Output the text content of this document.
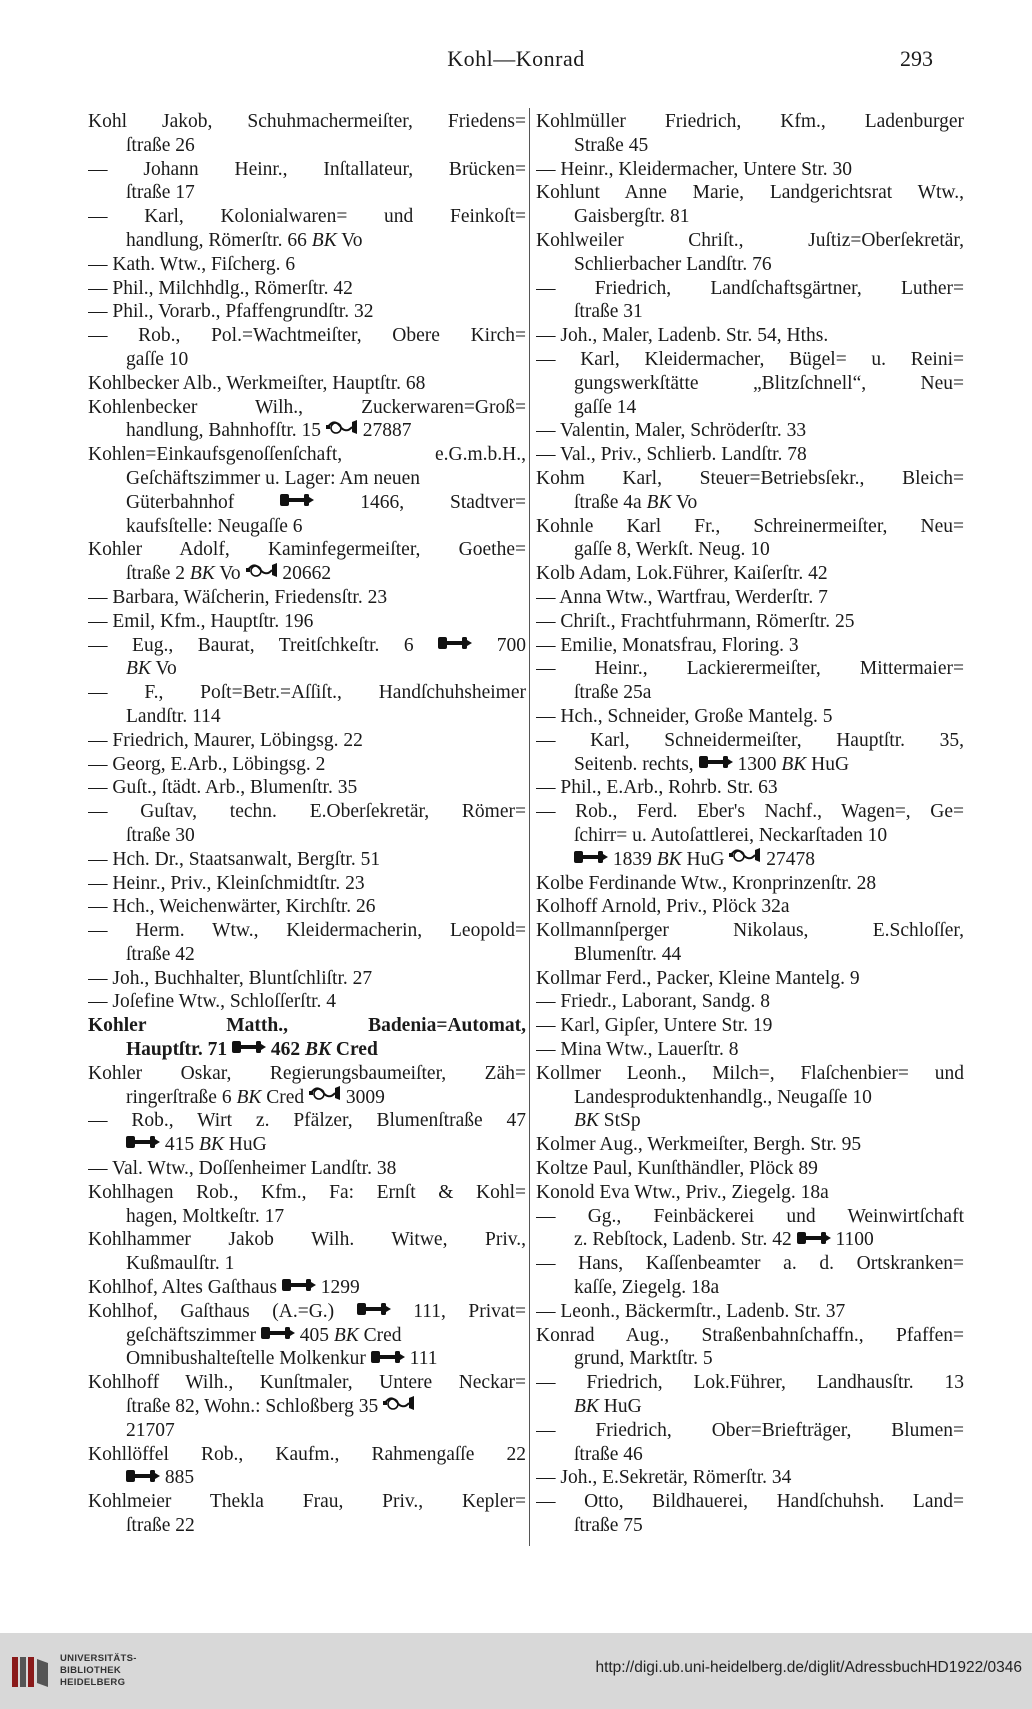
Kohl—Konrad	293
Kohl Jakob, Schuhmachermeiſter, Friedens=
ſtraße 26
— Johann Heinr., Inſtallateur, Brücken=
ſtraße 17
— Karl, Kolonialwaren= und Feinkoſt=
handlung, Römerſtr. 66 BK Vo
— Kath. Wtw., Fiſcherg. 6
— Phil., Milchhdlg., Römerſtr. 42
— Phil., Vorarb., Pfaffengrundſtr. 32
— Rob., Pol.=Wachtmeiſter, Obere Kirch=
gaſſe 10
Kohlbecker Alb., Werkmeiſter, Hauptſtr. 68
Kohlenbecker Wilh., Zuckerwaren=Groß=
handlung, Bahnhofſtr. 15  27887
Kohlen=Einkaufsgenoſſenſchaft, e.G.m.b.H.,
Geſchäftszimmer u. Lager: Am neuen
Güterbahnhof  1466, Stadtver=
kaufsſtelle: Neugaſſe 6
Kohler Adolf, Kaminfegermeiſter, Goethe=
ſtraße 2 BK Vo  20662
— Barbara, Wäſcherin, Friedensſtr. 23
— Emil, Kfm., Hauptſtr. 196
— Eug., Baurat, Treitſchkeſtr. 6  700
BK Vo
— F., Poſt=Betr.=Aſſiſt., Handſchuhsheimer
Landſtr. 114
— Friedrich, Maurer, Löbingsg. 22
— Georg, E.Arb., Löbingsg. 2
— Guſt., ſtädt. Arb., Blumenſtr. 35
— Guſtav, techn. E.Oberſekretär, Römer=
ſtraße 30
— Hch. Dr., Staatsanwalt, Bergſtr. 51
— Heinr., Priv., Kleinſchmidtſtr. 23
— Hch., Weichenwärter, Kirchſtr. 26
— Herm. Wtw., Kleidermacherin, Leopold=
ſtraße 42
— Joh., Buchhalter, Bluntſchliſtr. 27
— Joſefine Wtw., Schloſſerſtr. 4
Kohler Matth., Badenia=Automat,
Hauptſtr. 71  462 BK Cred
Kohler Oskar, Regierungsbaumeiſter, Zäh=
ringerſtraße 6 BK Cred  3009
— Rob., Wirt z. Pfälzer, Blumenſtraße 47
415 BK HuG
— Val. Wtw., Doſſenheimer Landſtr. 38
Kohlhagen Rob., Kfm., Fa: Ernſt & Kohl=
hagen, Moltkeſtr. 17
Kohlhammer Jakob Wilh. Witwe, Priv.,
Kußmaulſtr. 1
Kohlhof, Altes Gaſthaus  1299
Kohlhof, Gaſthaus (A.=G.)  111, Privat=
geſchäftszimmer  405 BK Cred
Omnibushalteſtelle Molkenkur  111
Kohlhoff Wilh., Kunſtmaler, Untere Neckar=
ſtraße 82, Wohn.: Schloßberg 35
21707
Kohllöffel Rob., Kaufm., Rahmengaſſe 22
885
Kohlmeier Thekla Frau, Priv., Kepler=
ſtraße 22
Kohlmüller Friedrich, Kfm., Ladenburger
Straße 45
— Heinr., Kleidermacher, Untere Str. 30
Kohlunt Anne Marie, Landgerichtsrat Wtw.,
Gaisbergſtr. 81
Kohlweiler Chriſt., Juſtiz=Oberſekretär,
Schlierbacher Landſtr. 76
— Friedrich, Landſchaftsgärtner, Luther=
ſtraße 31
— Joh., Maler, Ladenb. Str. 54, Hths.
— Karl, Kleidermacher, Bügel= u. Reini=
gungswerkſtätte „Blitzſchnell“, Neu=
gaſſe 14
— Valentin, Maler, Schröderſtr. 33
— Val., Priv., Schlierb. Landſtr. 78
Kohm Karl, Steuer=Betriebsſekr., Bleich=
ſtraße 4a BK Vo
Kohnle Karl Fr., Schreinermeiſter, Neu=
gaſſe 8, Werkſt. Neug. 10
Kolb Adam, Lok.Führer, Kaiſerſtr. 42
— Anna Wtw., Wartfrau, Werderſtr. 7
— Chriſt., Frachtfuhrmann, Römerſtr. 25
— Emilie, Monatsfrau, Floring. 3
— Heinr., Lackierermeiſter, Mittermaier=
ſtraße 25a
— Hch., Schneider, Große Mantelg. 5
— Karl, Schneidermeiſter, Hauptſtr. 35,
Seitenb. rechts,  1300 BK HuG
— Phil., E.Arb., Rohrb. Str. 63
— Rob., Ferd. Eber's Nachf., Wagen=, Ge=
ſchirr= u. Autoſattlerei, Neckarſtaden 10
1839 BK HuG  27478
Kolbe Ferdinande Wtw., Kronprinzenſtr. 28
Kolhoff Arnold, Priv., Plöck 32a
Kollmannſperger Nikolaus, E.Schloſſer,
Blumenſtr. 44
Kollmar Ferd., Packer, Kleine Mantelg. 9
— Friedr., Laborant, Sandg. 8
— Karl, Gipſer, Untere Str. 19
— Mina Wtw., Lauerſtr. 8
Kollmer Leonh., Milch=, Flaſchenbier= und
Landesproduktenhandlg., Neugaſſe 10
BK StSp
Kolmer Aug., Werkmeiſter, Bergh. Str. 95
Koltze Paul, Kunſthändler, Plöck 89
Konold Eva Wtw., Priv., Ziegelg. 18a
— Gg., Feinbäckerei und Weinwirtſchaft
z. Rebſtock, Ladenb. Str. 42  1100
— Hans, Kaſſenbeamter a. d. Ortskranken=
kaſſe, Ziegelg. 18a
— Leonh., Bäckermſtr., Ladenb. Str. 37
Konrad Aug., Straßenbahnſchaffn., Pfaffen=
grund, Marktſtr. 5
— Friedrich, Lok.Führer, Landhausſtr. 13
BK HuG
— Friedrich, Ober=Briefträger, Blumen=
ſtraße 46
— Joh., E.Sekretär, Römerſtr. 34
— Otto, Bildhauerei, Handſchuhsh. Land=
ſtraße 75
UNIVERSITÄTS-
BIBLIOTHEK
HEIDELBERG
http://digi.ub.uni-heidelberg.de/diglit/AdressbuchHD1922/0346
